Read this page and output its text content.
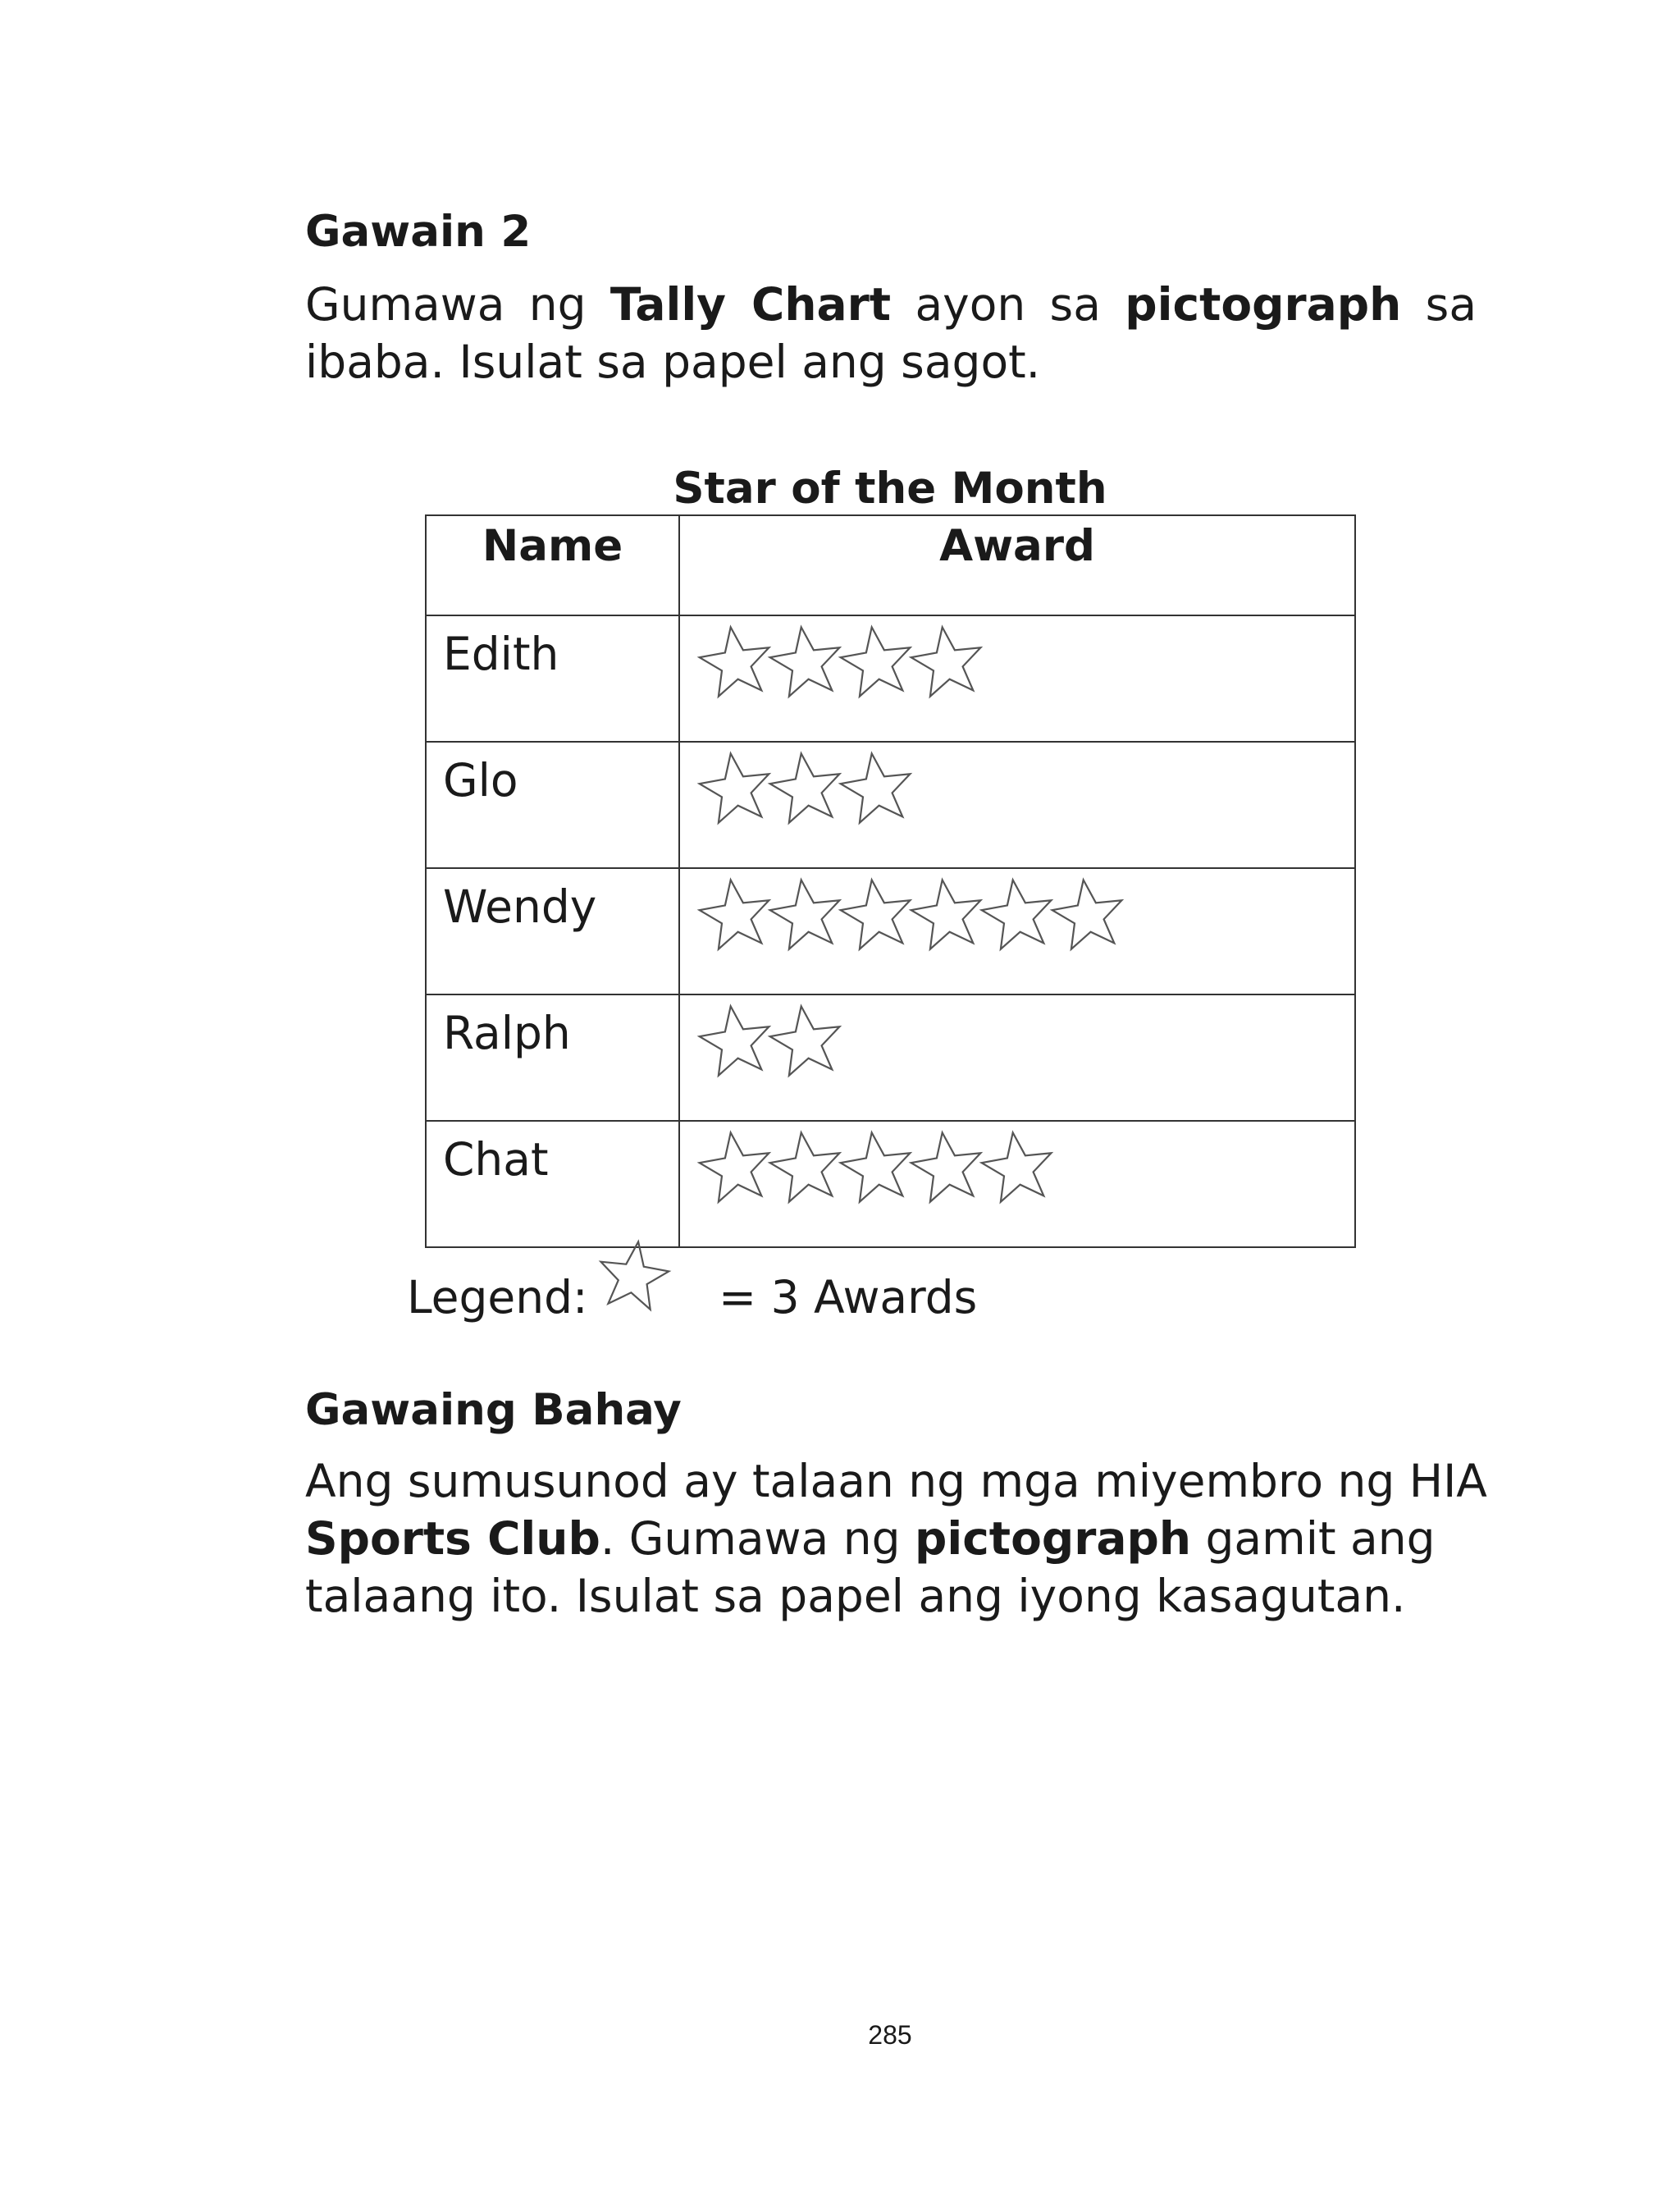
Gawain 2
Gumawa ng Tally Chart ayon sa pictograph sa ibaba. Isulat sa papel ang sagot.
Star of the Month
Name	Award
Edith	

Glo	

Wendy	

Ralph	

Chat	
Legend:	= 3 Awards
Gawaing Bahay
Ang sumusunod ay talaan ng mga miyembro ng HIA Sports Club. Gumawa ng pictograph gamit ang talaang ito. Isulat sa papel ang iyong kasagutan.
285
